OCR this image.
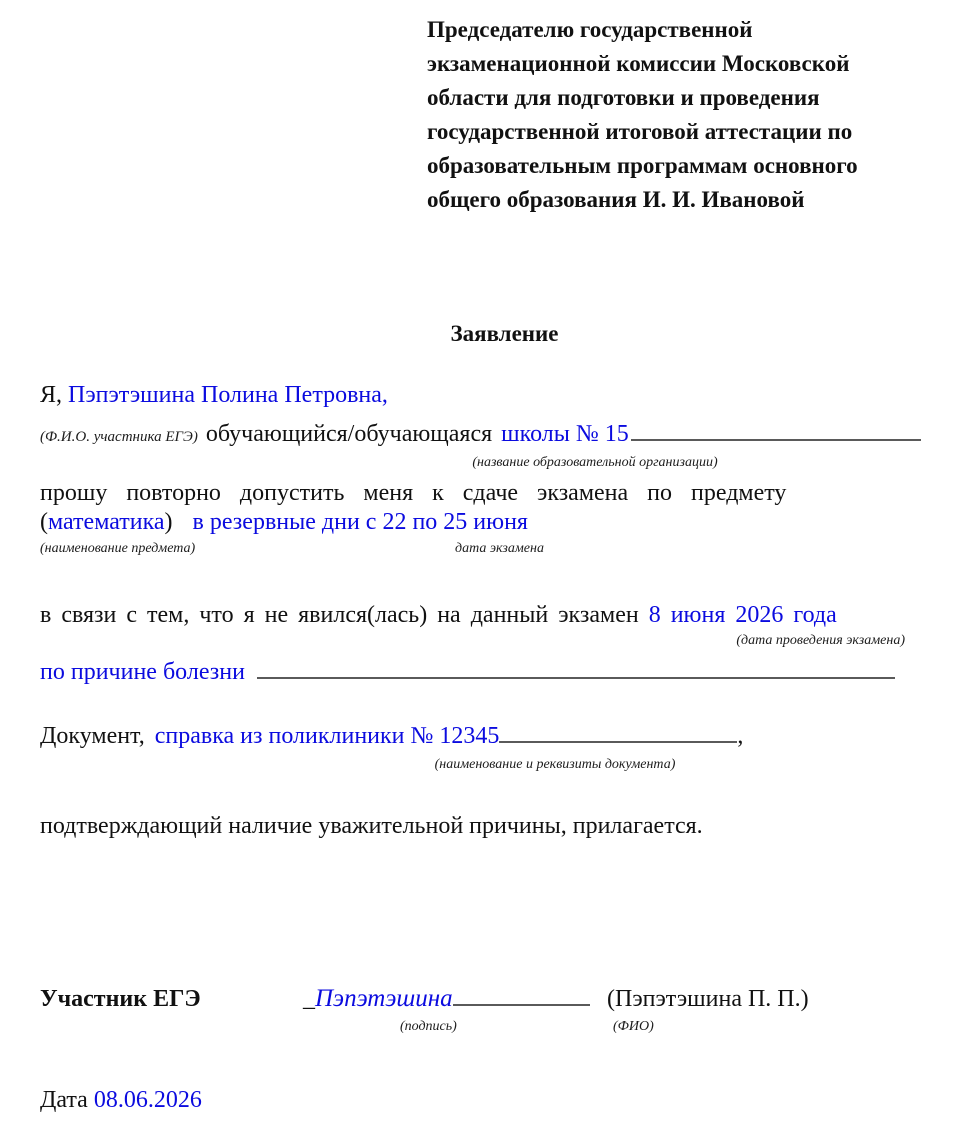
Председателю государственной
экзаменационной комиссии Московской
области для подготовки и проведения
государственной итоговой аттестации по
образовательным программам основного
общего образования И. И. Ивановой
Заявление
Я, Пэпэтэшина Полина Петровна,
(Ф.И.О. участника ЕГЭ) обучающийся/обучающаяся школы № 15
(название образовательной организации)
прошу повторно допустить меня к сдаче экзамена по предмету
(математика) в резервные дни с 22 по 25 июня
(наименование предмета)	дата экзамена
в связи с тем, что я не явился(лась) на данный экзамен 8 июня 2026 года
(дата проведения экзамена)
по причине болезни
Документ, справка из поликлиники № 12345	,
(наименование и реквизиты документа)
подтверждающий наличие уважительной причины, прилагается.
Участник ЕГЭ	_ Пэпэтэшина	(Пэпэтэшина П. П.)
(подпись)	(ФИО)
Дата 08.06.2026
